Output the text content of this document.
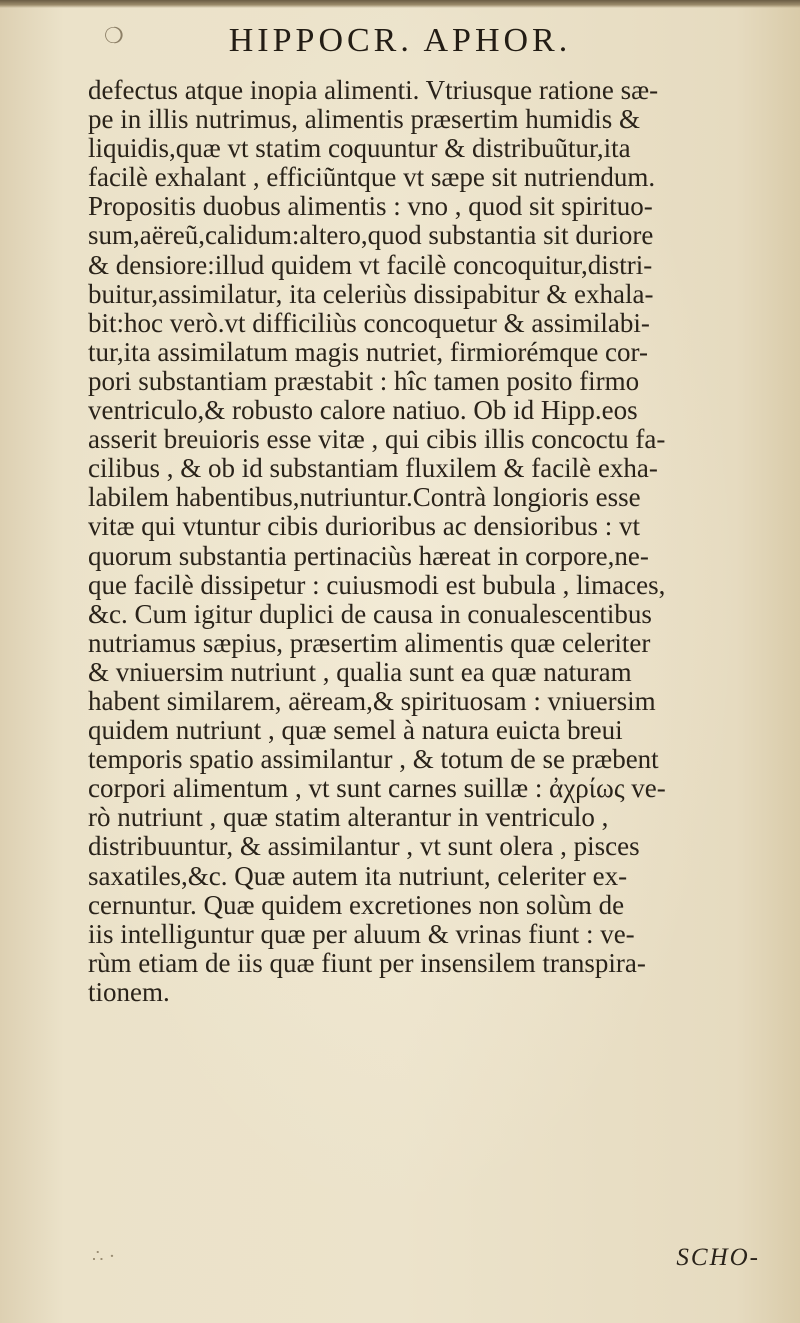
❍	HIPPOCR. APHOR.
defectus atque inopia alimenti. Vtriusque ratione sæ-
pe in illis nutrimus, alimentis præsertim humidis &
liquidis,quæ vt statim coquuntur & distribuũtur,ita
facilè exhalant , efficiũntque vt sæpe sit nutriendum.
Propositis duobus alimentis : vno , quod sit spirituo-
sum,aëreũ,calidum:altero,quod substantia sit duriore
& densiore:illud quidem vt facilè concoquitur,distri-
buitur,assimilatur, ita celeriùs dissipabitur & exhala-
bit:hoc verò.vt difficiliùs concoquetur & assimilabi-
tur,ita assimilatum magis nutriet, firmiorémque cor-
pori substantiam præstabit : hîc tamen posito firmo
ventriculo,& robusto calore natiuo. Ob id Hipp.eos
asserit breuioris esse vitæ , qui cibis illis concoctu fa-
cilibus , & ob id substantiam fluxilem & facilè exha-
labilem habentibus,nutriuntur.Contrà longioris esse
vitæ qui vtuntur cibis durioribus ac densioribus : vt
quorum substantia pertinaciùs hæreat in corpore,ne-
que facilè dissipetur : cuiusmodi est bubula , limaces,
&c. Cum igitur duplici de causa in conualescentibus
nutriamus sæpius, præsertim alimentis quæ celeriter
& vniuersim nutriunt , qualia sunt ea quæ naturam
habent similarem, aëream,& spirituosam : vniuersim
quidem nutriunt , quæ semel à natura euicta breui
temporis spatio assimilantur , & totum de se præbent
corpori alimentum , vt sunt carnes suillæ : ἀχρίως ve-
rò nutriunt , quæ statim alterantur in ventriculo ,
distribuuntur, & assimilantur , vt sunt olera , pisces
saxatiles,&c. Quæ autem ita nutriunt, celeriter ex-
cernuntur. Quæ quidem excretiones non solùm de
iis intelliguntur quæ per aluum & vrinas fiunt : ve-
rùm etiam de iis quæ fiunt per insensilem transpira-
tionem.
∴ ·	SCHO-
